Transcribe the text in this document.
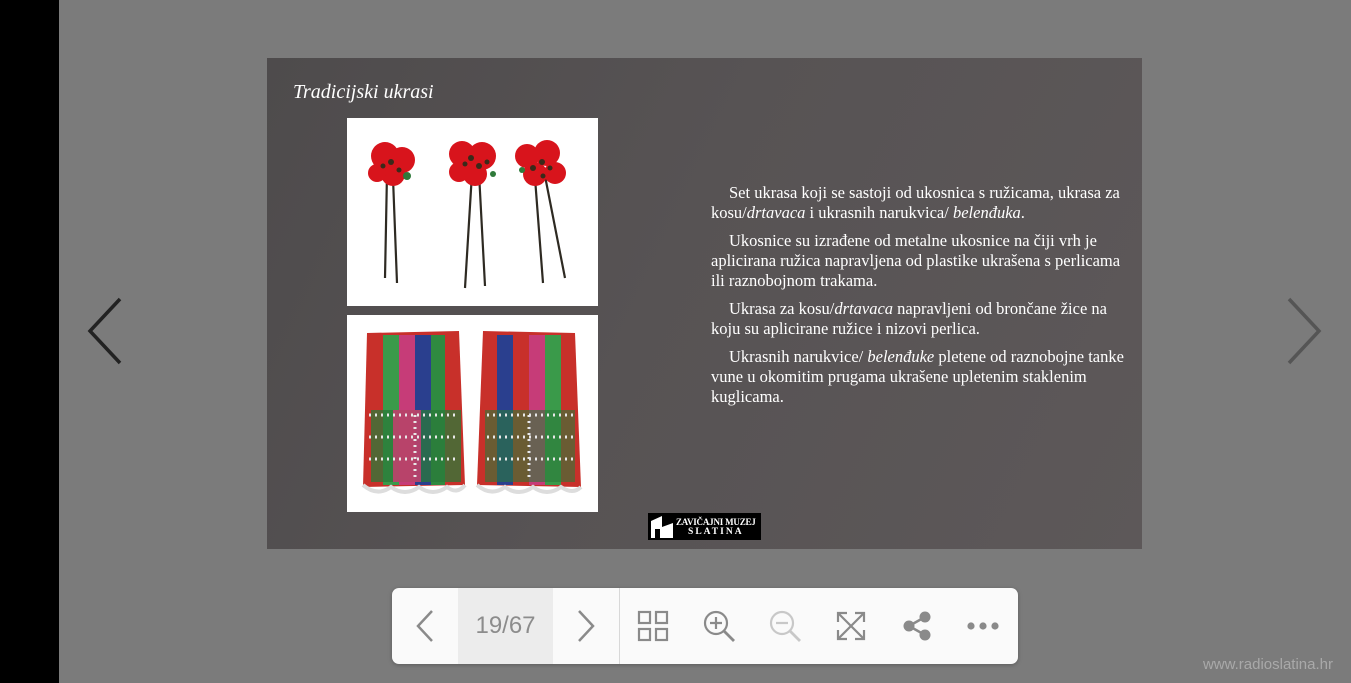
Tradicijski ukrasi

Set ukrasa koji se sastoji od ukosnica s ružicama, ukrasa za kosu/drtavaca i ukrasnih narukvica/ belenđuka.

Ukosnice su izrađene od metalne ukosnice na čiji vrh je aplicirana ružica napravljena od plastike ukrašena s perlicama ili raznobojnom trakama.

Ukrasa za kosu/drtavaca napravljeni od brončane žice na koju su aplicirane ružice i nizovi perlica.

Ukrasnih narukvice/ belenđuke pletene od raznobojne tanke vune u okomitim prugama ukrašene upletenim staklenim kuglicama.

ZAVIČAJNI MUZEJ
SLATINA
19/67
www.radioslatina.hr
